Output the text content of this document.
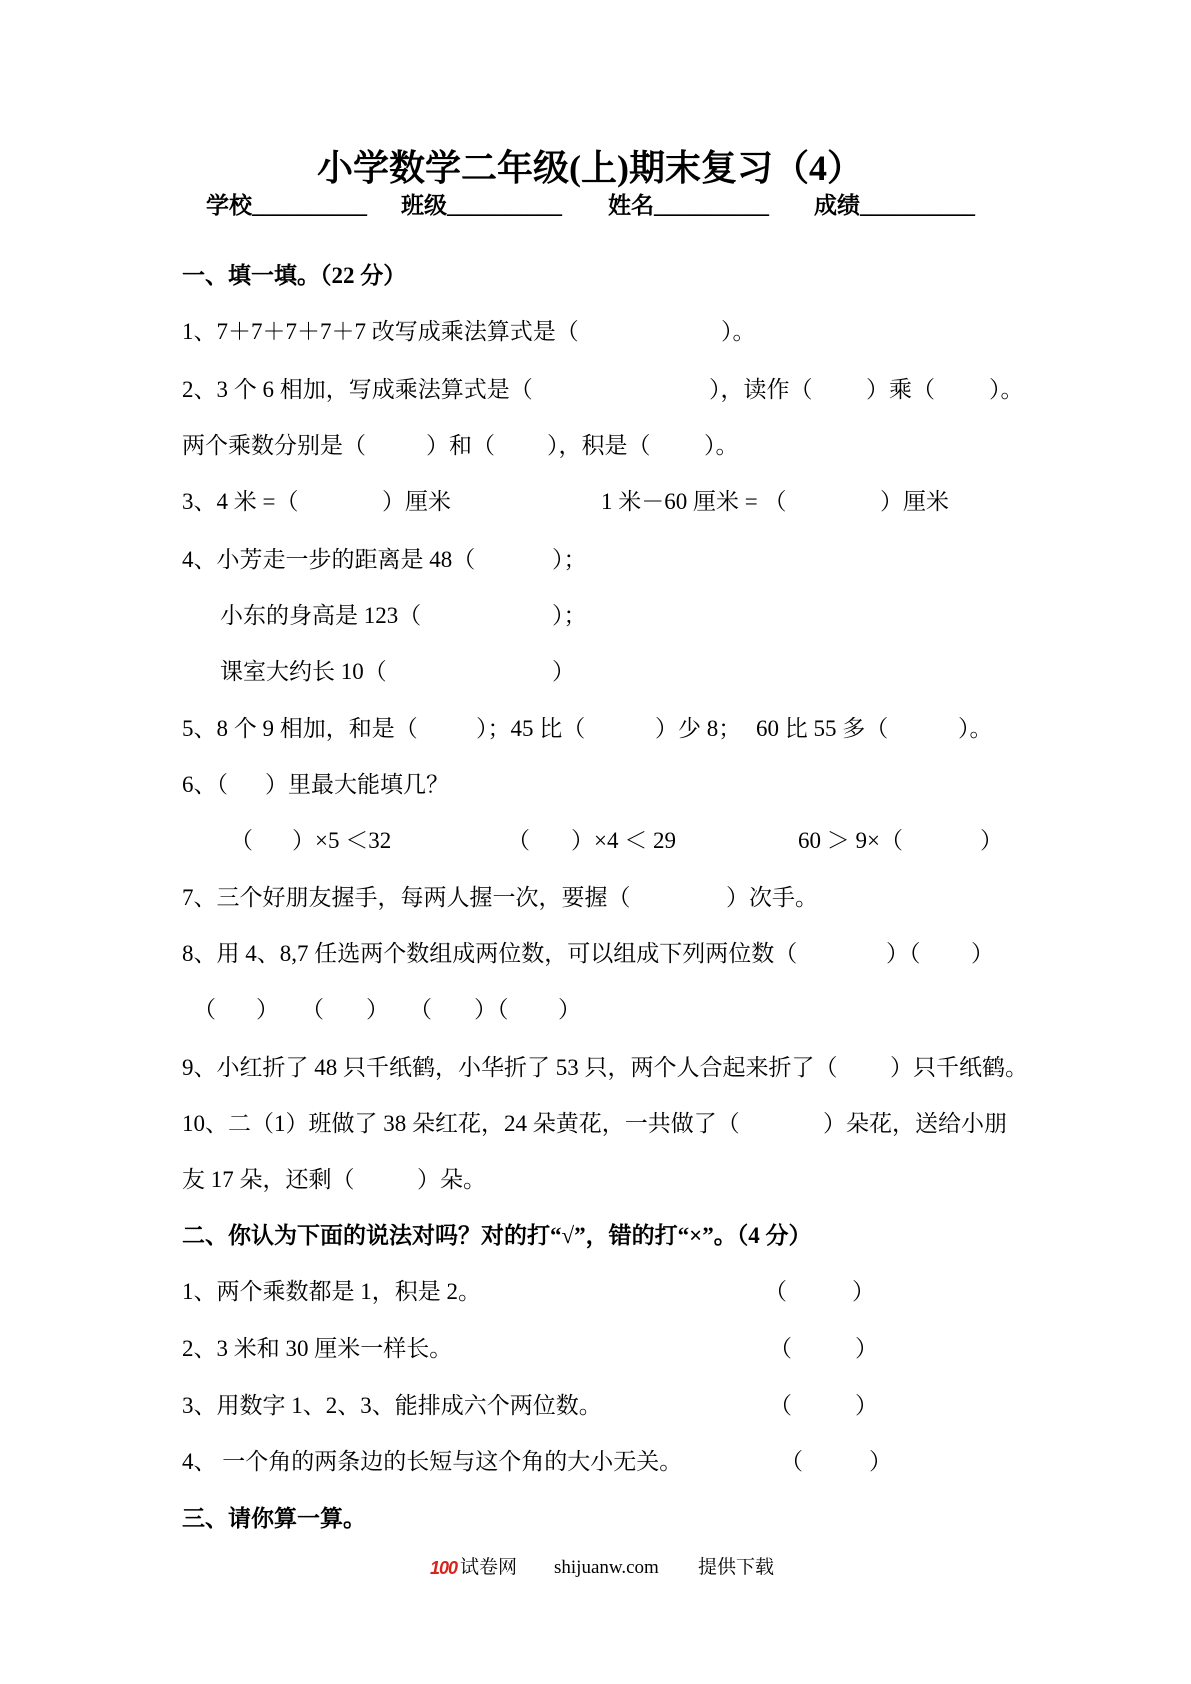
小学数学二年级(上)期末复习（4）
学校__________ 班级__________ 姓名__________ 成绩__________
一、填一填。（22 分）
1、7＋7＋7＋7＋7 改写成乘法算式是（	）。
2、3 个 6 相加，写成乘法算式是（	），读作（ ）乘（ ）。
两个乘数分别是（	）和（ ），积是（ ）。
3、4 米 =（	）厘米	1 米－60 厘米 = （	）厘米
4、小芳走一步的距离是 48（	）；
小东的身高是 123（	）；
课室大约长 10（	）
5、8 个 9 相加，和是（	）；45 比（	）少 8； 60 比 55 多（	）。
6、（ ）里最大能填几？
（ ）×5 ＜32	（ ）×4 ＜ 29	60 ＞ 9×（	）
7、三个好朋友握手，每两人握一次，要握（	）次手。
8、用 4、8,7 任选两个数组成两位数，可以组成下列两位数（	）（ ）
（ ） （ ） （ ）（ ）
9、小红折了 48 只千纸鹤，小华折了 53 只，两个人合起来折了（ ）只千纸鹤。
10、二（1）班做了 38 朵红花，24 朵黄花，一共做了（	）朵花，送给小朋
友 17 朵，还剩（	）朵。
二、你认为下面的说法对吗？对的打“√”，错的打“×”。（4 分）
1、两个乘数都是 1，积是 2。	（	）
2、3 米和 30 厘米一样长。	（	）
3、用数字 1、2、3、能排成六个两位数。	（	）
4、 一个角的两条边的长短与这个角的大小无关。	（	）
三、请你算一算。
100 试卷网 shijuanw.com 提供下载
